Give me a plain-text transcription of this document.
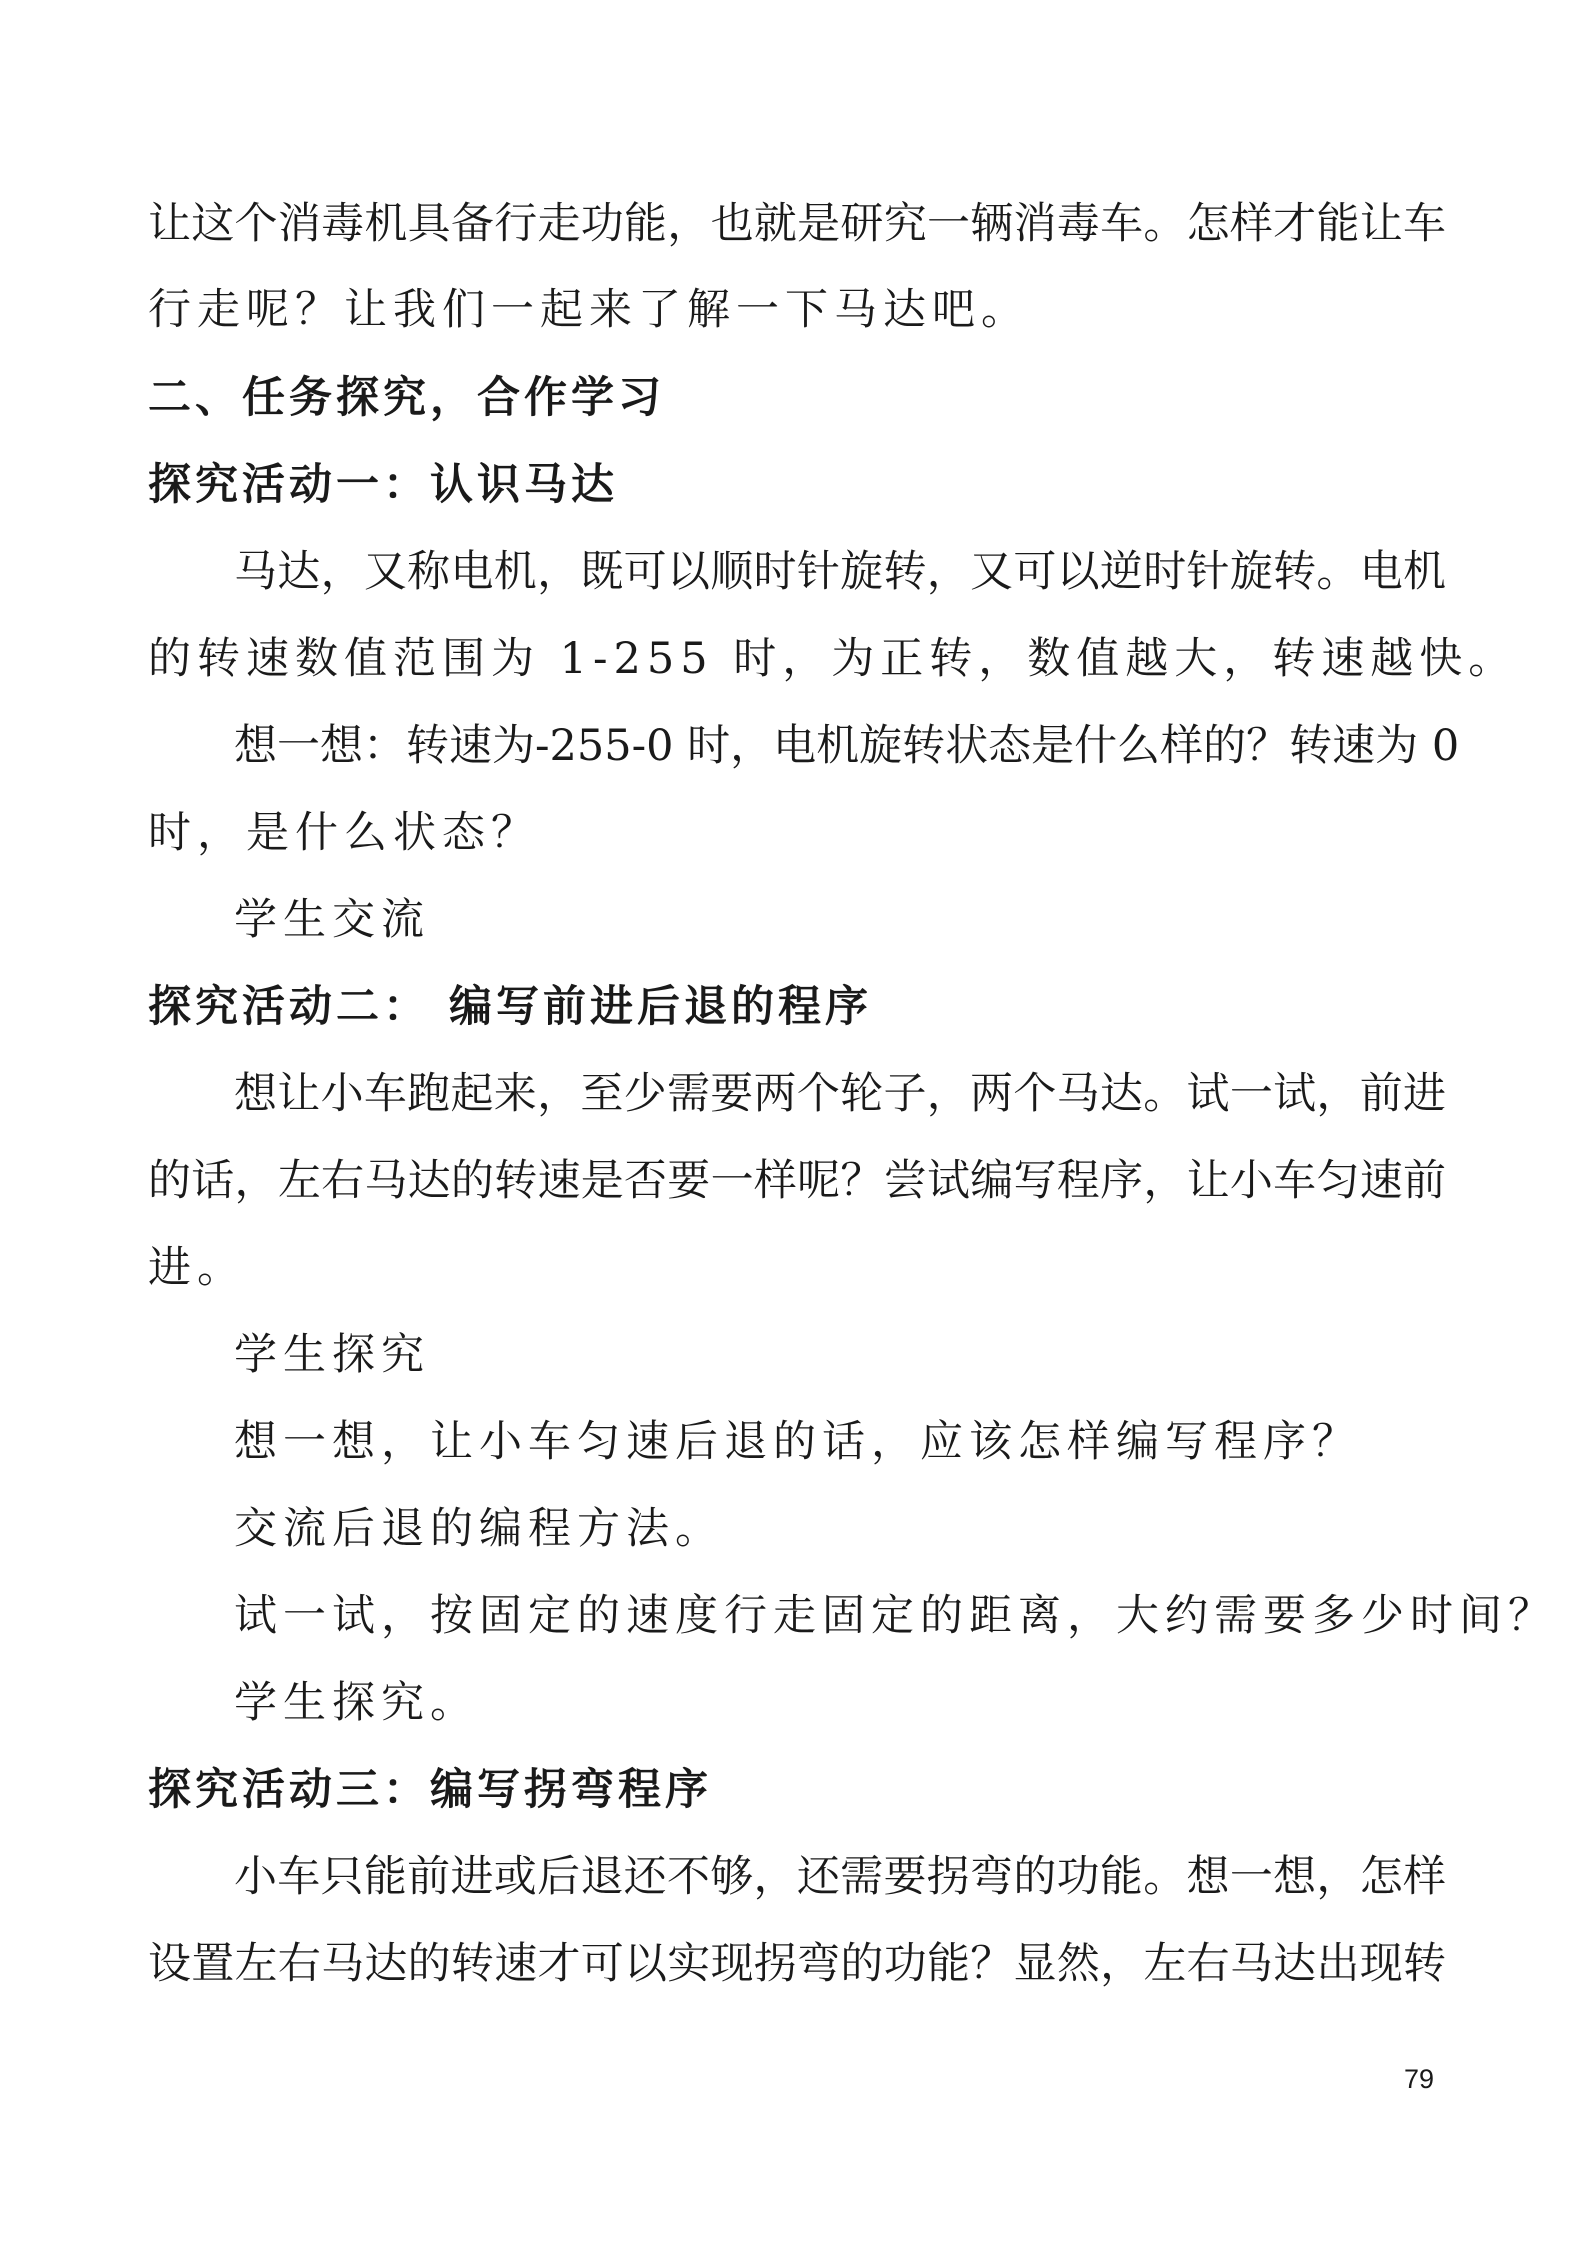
让这个消毒机具备行走功能，也就是研究一辆消毒车。怎样才能让车
行走呢？让我们一起来了解一下马达吧。
二、任务探究，合作学习
探究活动一：认识马达
马达，又称电机，既可以顺时针旋转，又可以逆时针旋转。电机
的转速数值范围为 1-255 时，为正转，数值越大，转速越快。
想一想：转速为-255-0 时，电机旋转状态是什么样的？转速为 0
时，是什么状态？
学生交流
探究活动二： 编写前进后退的程序
想让小车跑起来，至少需要两个轮子，两个马达。试一试，前进
的话，左右马达的转速是否要一样呢？尝试编写程序，让小车匀速前
进。
学生探究
想一想，让小车匀速后退的话，应该怎样编写程序？
交流后退的编程方法。
试一试，按固定的速度行走固定的距离，大约需要多少时间？
学生探究。
探究活动三：编写拐弯程序
小车只能前进或后退还不够，还需要拐弯的功能。想一想，怎样
设置左右马达的转速才可以实现拐弯的功能？显然，左右马达出现转
79
